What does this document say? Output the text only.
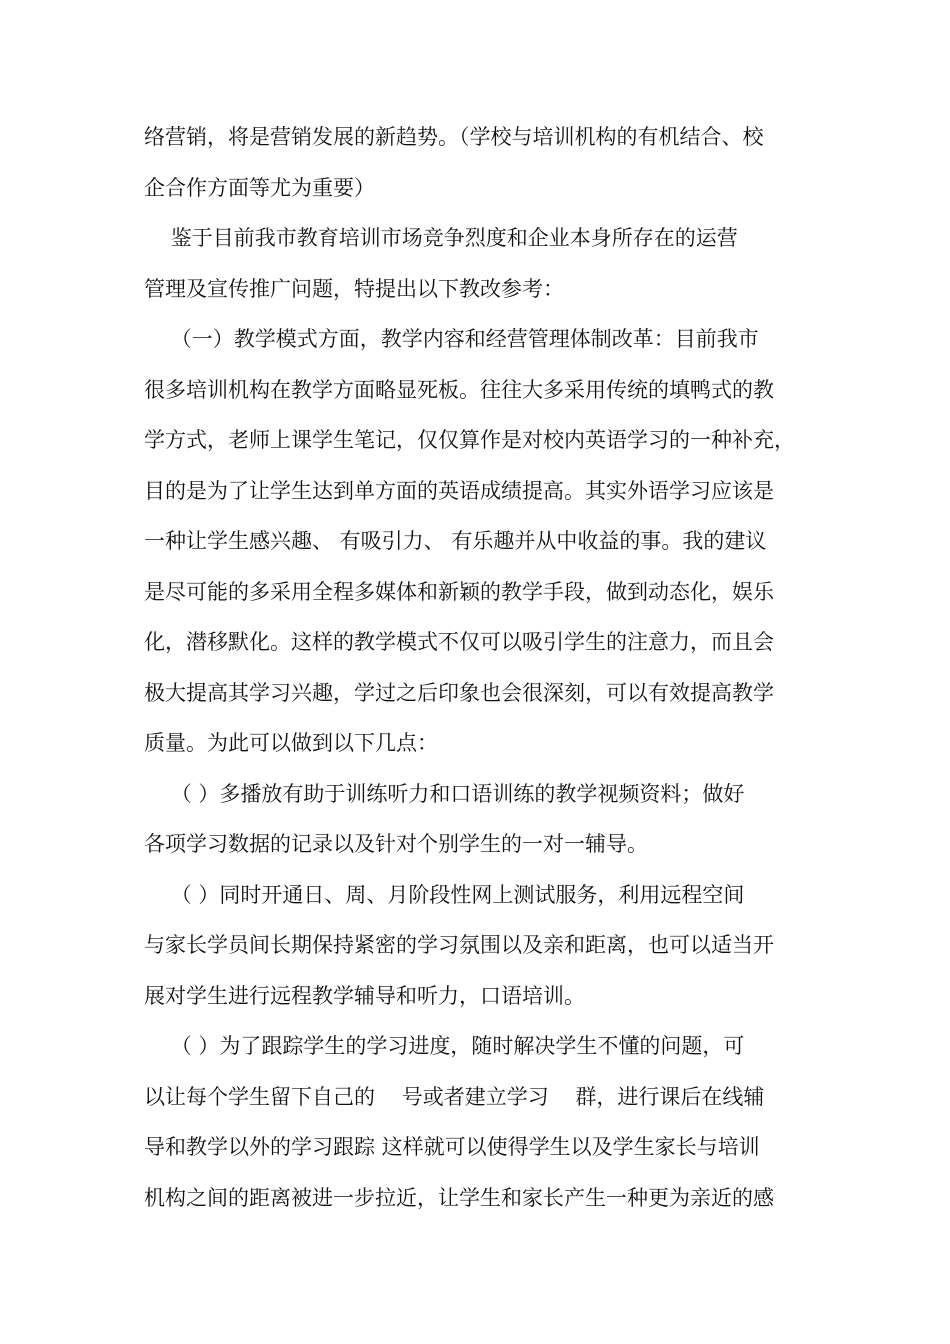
络营销，将是营销发展的新趋势。（学校与培训机构的有机结合、校
企合作方面等尤为重要）
鉴于目前我市教育培训市场竞争烈度和企业本身所存在的运营
管理及宣传推广问题，特提出以下教改参考：
（一）教学模式方面，教学内容和经营管理体制改革：目前我市
很多培训机构在教学方面略显死板。往往大多采用传统的填鸭式的教
学方式，老师上课学生笔记，仅仅算作是对校内英语学习的一种补充，
目的是为了让学生达到单方面的英语成绩提高。其实外语学习应该是
一种让学生感兴趣、 有吸引力、 有乐趣并从中收益的事。我的建议
是尽可能的多采用全程多媒体和新颖的教学手段，做到动态化，娱乐
化，潜移默化。这样的教学模式不仅可以吸引学生的注意力，而且会
极大提高其学习兴趣，学过之后印象也会很深刻，可以有效提高教学
质量。为此可以做到以下几点：
（ ）多播放有助于训练听力和口语训练的教学视频资料；做好
各项学习数据的记录以及针对个别学生的一对一辅导。
（ ）同时开通日、周、月阶段性网上测试服务，利用远程空间
与家长学员间长期保持紧密的学习氛围以及亲和距离，也可以适当开
展对学生进行远程教学辅导和听力，口语培训。
（ ）为了跟踪学生的学习进度，随时解决学生不懂的问题，可
以让每个学生留下自己的    号或者建立学习    群，进行课后在线辅
导和教学以外的学习跟踪 这样就可以使得学生以及学生家长与培训
机构之间的距离被进一步拉近，让学生和家长产生一种更为亲近的感
